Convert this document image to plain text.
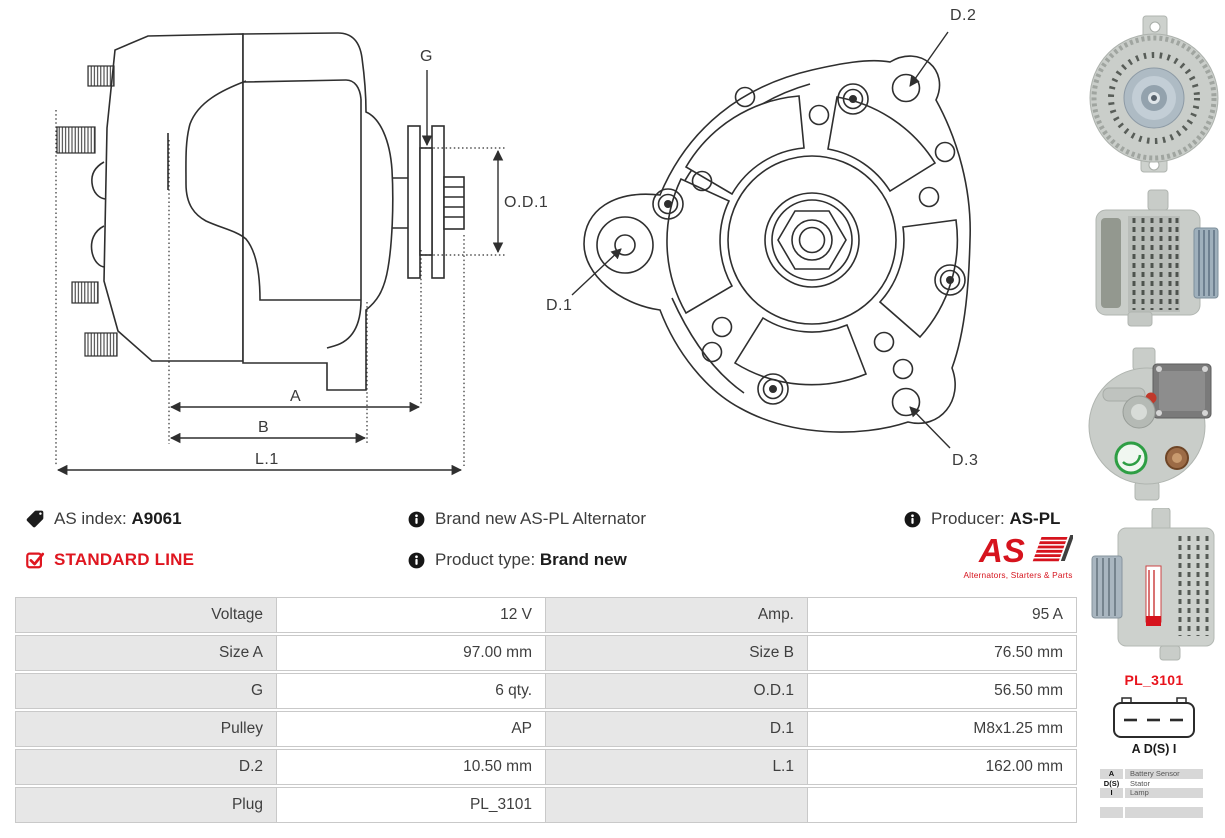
G
O.D.1
A
B
L.1
D.1
D.2
D.3
AS index: A9061
STANDARD LINE
Brand new AS-PL Alternator
Product type: Brand new
Producer: AS-PL
AS
Alternators, Starters & Parts
Voltage	12 V	Amp.	95 A
Size A	97.00 mm	Size B	76.50 mm
G	6 qty.	O.D.1	56.50 mm
Pulley	AP	D.1	M8x1.25 mm
D.2	10.50 mm	L.1	162.00 mm
Plug	PL_3101
PL_3101
A D(S) I
A	Battery Sensor
D(S)	Stator
I	Lamp
